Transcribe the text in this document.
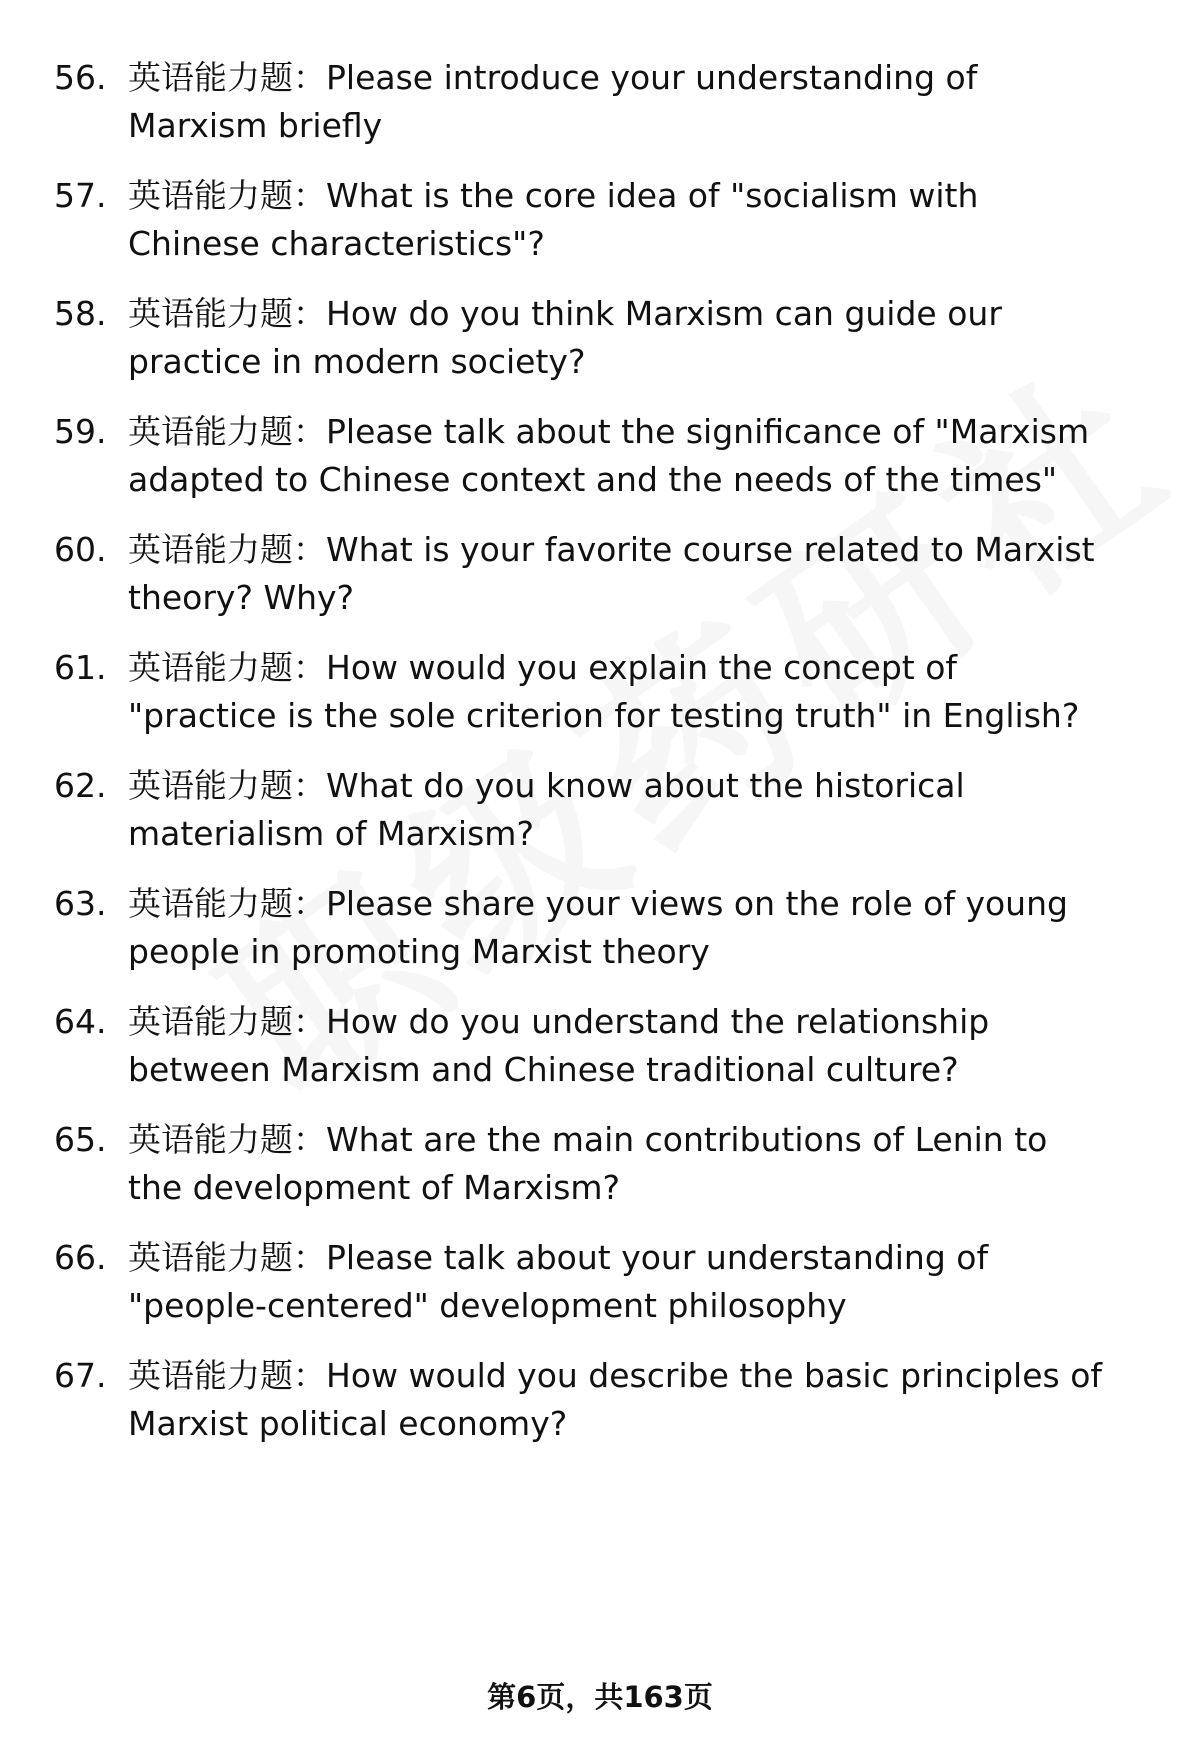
56. 英语能力题：Please introduce your understanding of
Marxism briefly

57. 英语能力题：What is the core idea of "socialism with
Chinese characteristics"?

58. 英语能力题：How do you think Marxism can guide our
practice in modern society?

59. 英语能力题：Please talk about the significance of "Marxism
adapted to Chinese context and the needs of the times"

60. 英语能力题：What is your favorite course related to Marxist
theory? Why?

61. 英语能力题：How would you explain the concept of
"practice is the sole criterion for testing truth" in English?

62. 英语能力题：What do you know about the historical
materialism of Marxism?

63. 英语能力题：Please share your views on the role of young
people in promoting Marxist theory

64. 英语能力题：How do you understand the relationship
between Marxism and Chinese traditional culture?

65. 英语能力题：What are the main contributions of Lenin to
the development of Marxism?

66. 英语能力题：Please talk about your understanding of
"people-centered" development philosophy

67. 英语能力题：How would you describe the basic principles of
Marxist political economy?

第6页，共163页
